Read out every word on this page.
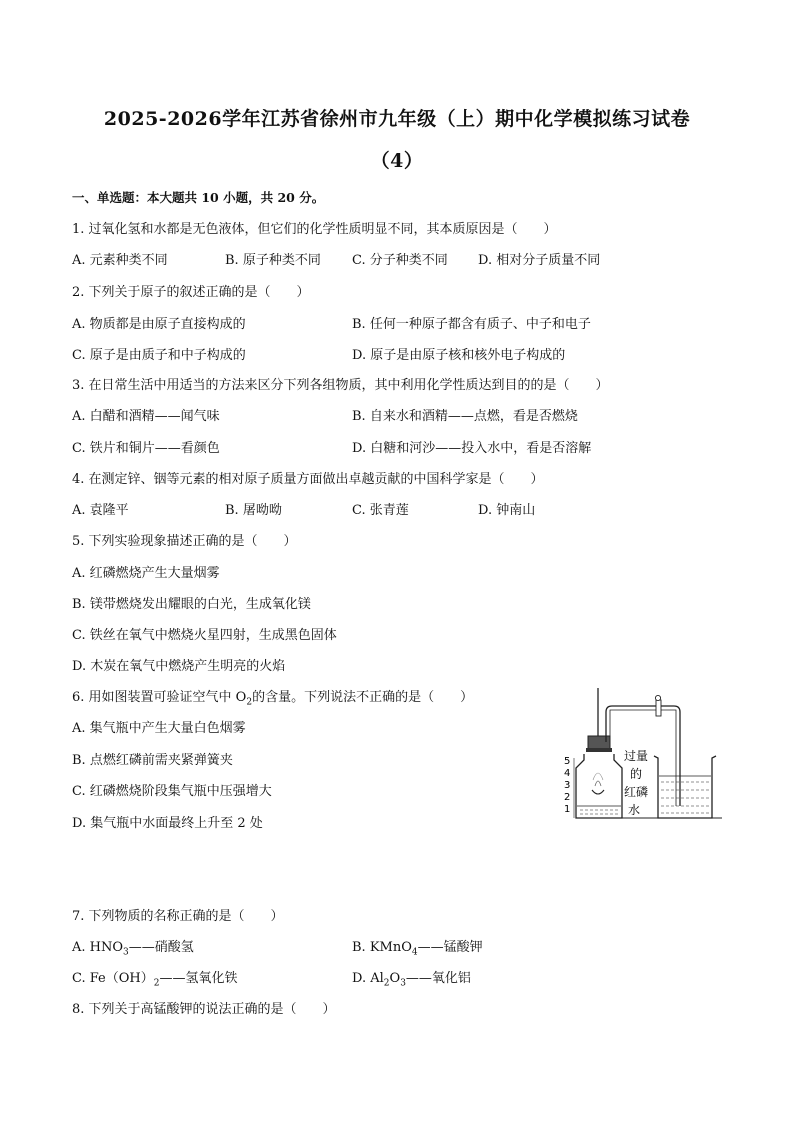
2025-2026学年江苏省徐州市九年级（上）期中化学模拟练习试卷
（4）
一、单选题：本大题共 10 小题，共 20 分。
1. 过氧化氢和水都是无色液体，但它们的化学性质明显不同，其本质原因是（　　）
A. 元素种类不同	B. 原子种类不同 C. 分子种类不同 D. 相对分子质量不同
2. 下列关于原子的叙述正确的是（　　）
A. 物质都是由原子直接构成的	B. 任何一种原子都含有质子、中子和电子
C. 原子是由质子和中子构成的	D. 原子是由原子核和核外电子构成的
3. 在日常生活中用适当的方法来区分下列各组物质，其中利用化学性质达到目的的是（　　）
A. 白醋和酒精——闻气味	B. 自来水和酒精——点燃，看是否燃烧
C. 铁片和铜片——看颜色	D. 白糖和河沙——投入水中，看是否溶解
4. 在测定锌、铟等元素的相对原子质量方面做出卓越贡献的中国科学家是（　　）
A. 袁隆平	B. 屠呦呦	C. 张青莲	D. 钟南山
5. 下列实验现象描述正确的是（　　）
A. 红磷燃烧产生大量烟雾
B. 镁带燃烧发出耀眼的白光，生成氧化镁
C. 铁丝在氧气中燃烧火星四射，生成黑色固体
D. 木炭在氧气中燃烧产生明亮的火焰
6. 用如图装置可验证空气中 $O_2$的含量。下列说法不正确的是（　　）
A. 集气瓶中产生大量白色烟雾
B. 点燃红磷前需夹紧弹簧夹
C. 红磷燃烧阶段集气瓶中压强增大
D. 集气瓶中水面最终上升至 2 处
5
4
3
2
1
过量
的
红磷
水
7. 下列物质的名称正确的是（　　）
A. $HNO_3——$硝酸氢	B. KMnO$_4$——锰酸钾
C. $Fe(OH)_2——$氢氧化铁	D. $Al_2O_3——$氧化铝
8. 下列关于高锰酸钾的说法正确的是（　　）
